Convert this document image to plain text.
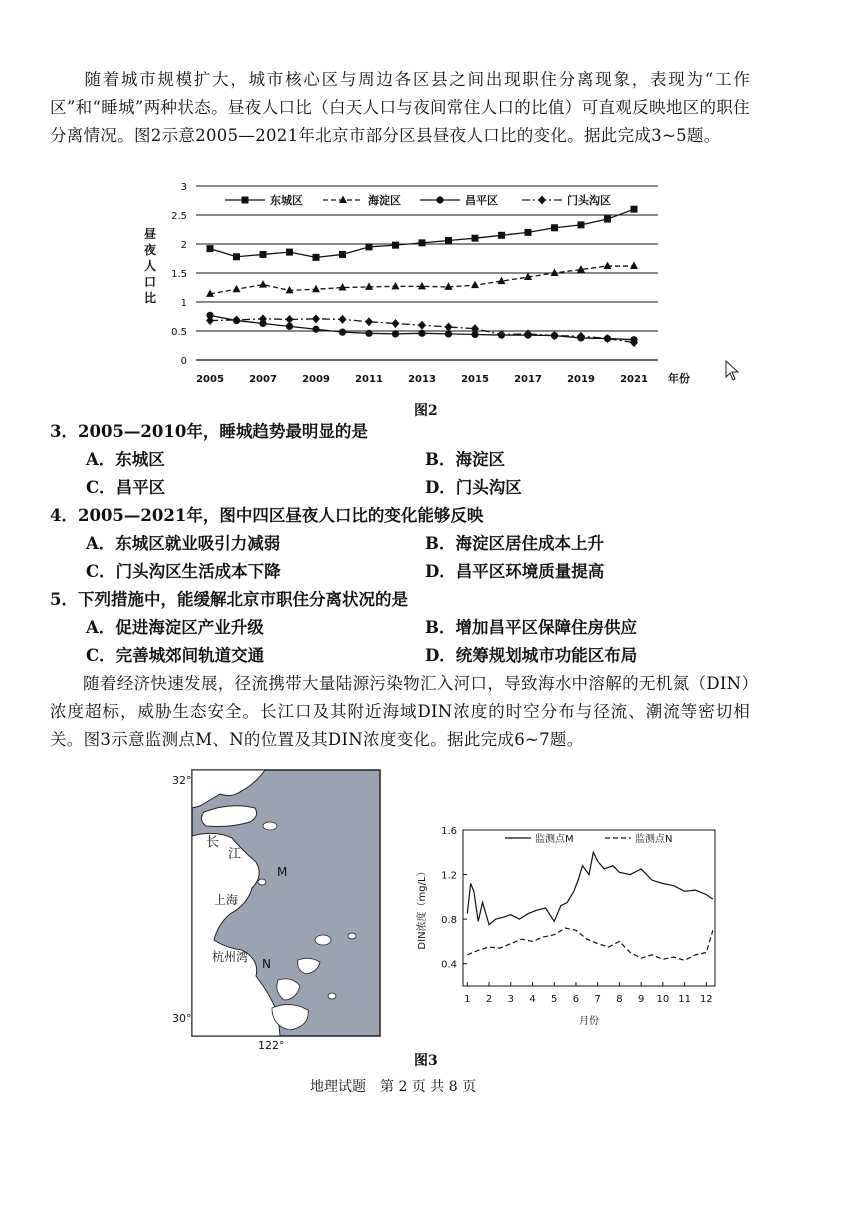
随着城市规模扩大，城市核心区与周边各区县之间出现职住分离现象，表现为“工作区”和“睡城”两种状态。昼夜人口比（白天人口与夜间常住人口的比值）可直观反映地区的职住分离情况。图2示意2005—2021年北京市部分区县昼夜人口比的变化。据此完成3~5题。
0
0.5
1
1.5
2
2.5
3
昼
夜
人
口
比
2005	2007	2009	2011	2013	2015	2017	2019	2021 年份
东城区	海淀区	昌平区	门头沟区
图2
3．2005—2010年，睡城趋势最明显的是
A．东城区	B．海淀区
C．昌平区	D．门头沟区
4．2005—2021年，图中四区昼夜人口比的变化能够反映
A．东城区就业吸引力减弱	B．海淀区居住成本上升
C．门头沟区生活成本下降	D．昌平区环境质量提高
5．下列措施中，能缓解北京市职住分离状况的是
A．促进海淀区产业升级	B．增加昌平区保障住房供应
C．完善城郊间轨道交通	D．统筹规划城市功能区布局
随着经济快速发展，径流携带大量陆源污染物汇入河口，导致海水中溶解的无机氮（DIN）浓度超标，威胁生态安全。长江口及其附近海域DIN浓度的时空分布与径流、潮流等密切相关。图3示意监测点M、N的位置及其DIN浓度变化。据此完成6~7题。
32°
30°
122°
长
江
上海
杭州湾
M
N	0.4
0.8
1.2
1.6
1 2 3 4 5 6 7 8 9 10 11 12
月份
DIN浓度（mg/L）
监测点M	监测点N
图3
地理试题　第 2 页 共 8 页
